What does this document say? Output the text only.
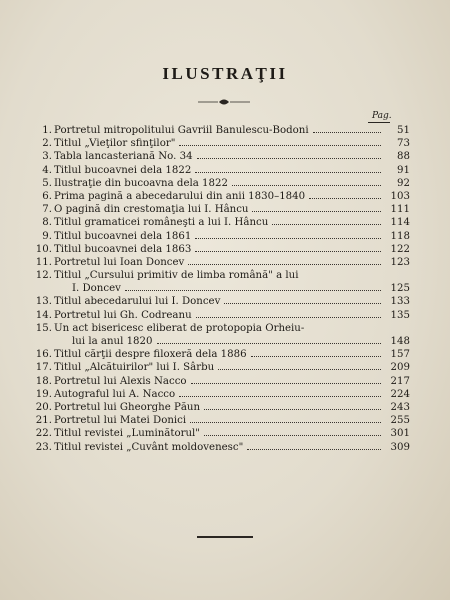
ILUSTRAŢII
Pag.
1. Portretul mitropolitului Gavriil Banulescu-Bodoni	51
2. Titlul „Vieţilor sfinţilor"	73
3. Tabla lancasteriană No. 34	88
4. Titlul bucoavnei dela 1822	91
5. Ilustraţie din bucoavna dela 1822	92
6. Prima pagină a abecedarului din anii 1830–1840	103
7. O pagină din crestomaţia lui I. Hâncu	111
8. Titlul gramaticei româneşti a lui I. Hâncu	114
9. Titlul bucoavnei dela 1861	118
10. Titlul bucoavnei dela 1863	122
11. Portretul lui Ioan Doncev	123
12. Titlul „Cursului primitiv de limba română" a lui
I. Doncev	125
13. Titlul abecedarului lui I. Doncev	133
14. Portretul lui Gh. Codreanu	135
15. Un act bisericesc eliberat de protopopia Orheiu-
lui la anul 1820	148
16. Titlul cărţii despre filoxeră dela 1886	157
17. Titlul „Alcătuirilor" lui I. Sârbu	209
18. Portretul lui Alexis Nacco	217
19. Autograful lui A. Nacco	224
20. Portretul lui Gheorghe Păun	243
21. Portretul lui Matei Donici	255
22. Titlul revistei „Luminătorul"	301
23. Titlul revistei „Cuvânt moldovenesc"	309
